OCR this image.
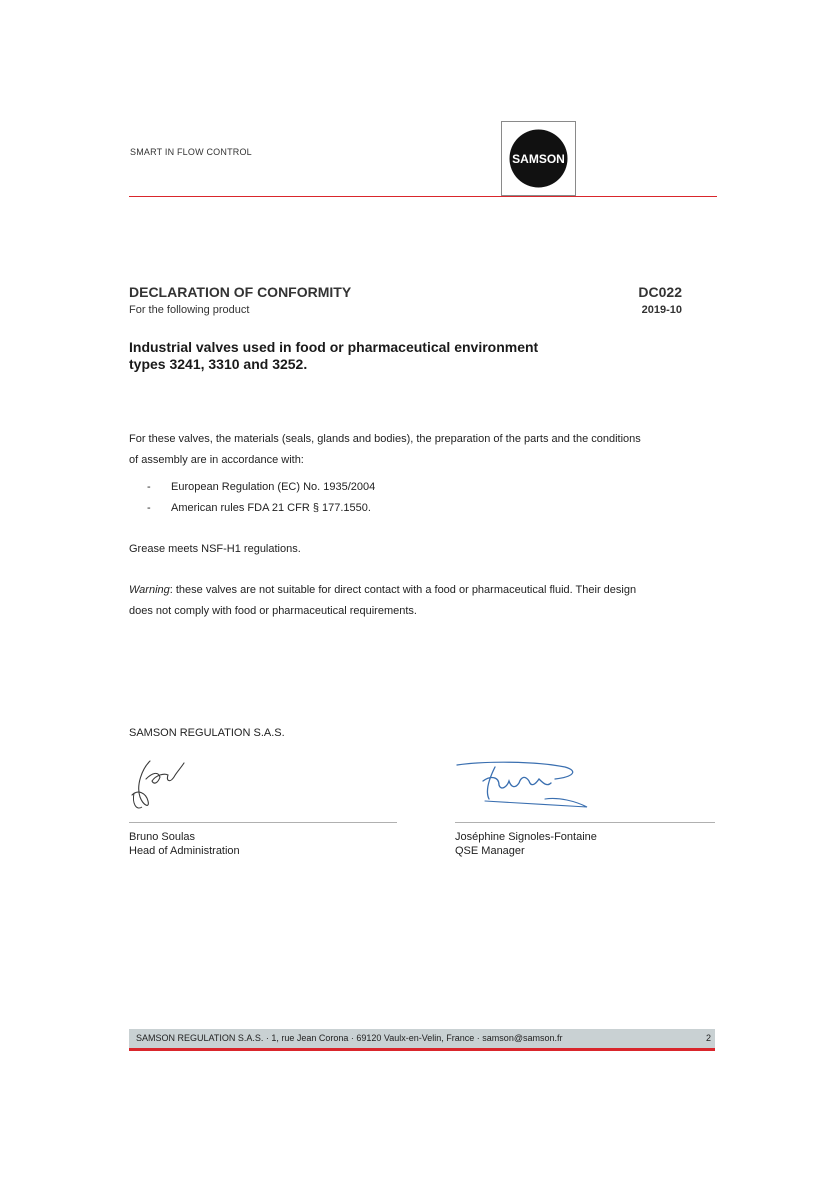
SMART IN FLOW CONTROL	SAMSON
DECLARATION OF CONFORMITY
For the following product
DC022
2019-10
Industrial valves used in food or pharmaceutical environment
types 3241, 3310 and 3252.
For these valves, the materials (seals, glands and bodies), the preparation of the parts and the conditions
of assembly are in accordance with:
-	European Regulation (EC) No. 1935/2004
-	American rules FDA 21 CFR § 177.1550.
Grease meets NSF-H1 regulations.
Warning: these valves are not suitable for direct contact with a food or pharmaceutical fluid. Their design
does not comply with food or pharmaceutical requirements.
SAMSON REGULATION S.A.S.
Bruno Soulas
Head of Administration
Joséphine Signoles-Fontaine
QSE Manager
SAMSON REGULATION S.A.S. · 1, rue Jean Corona · 69120 Vaulx-en-Velin, France · samson@samson.fr	2
